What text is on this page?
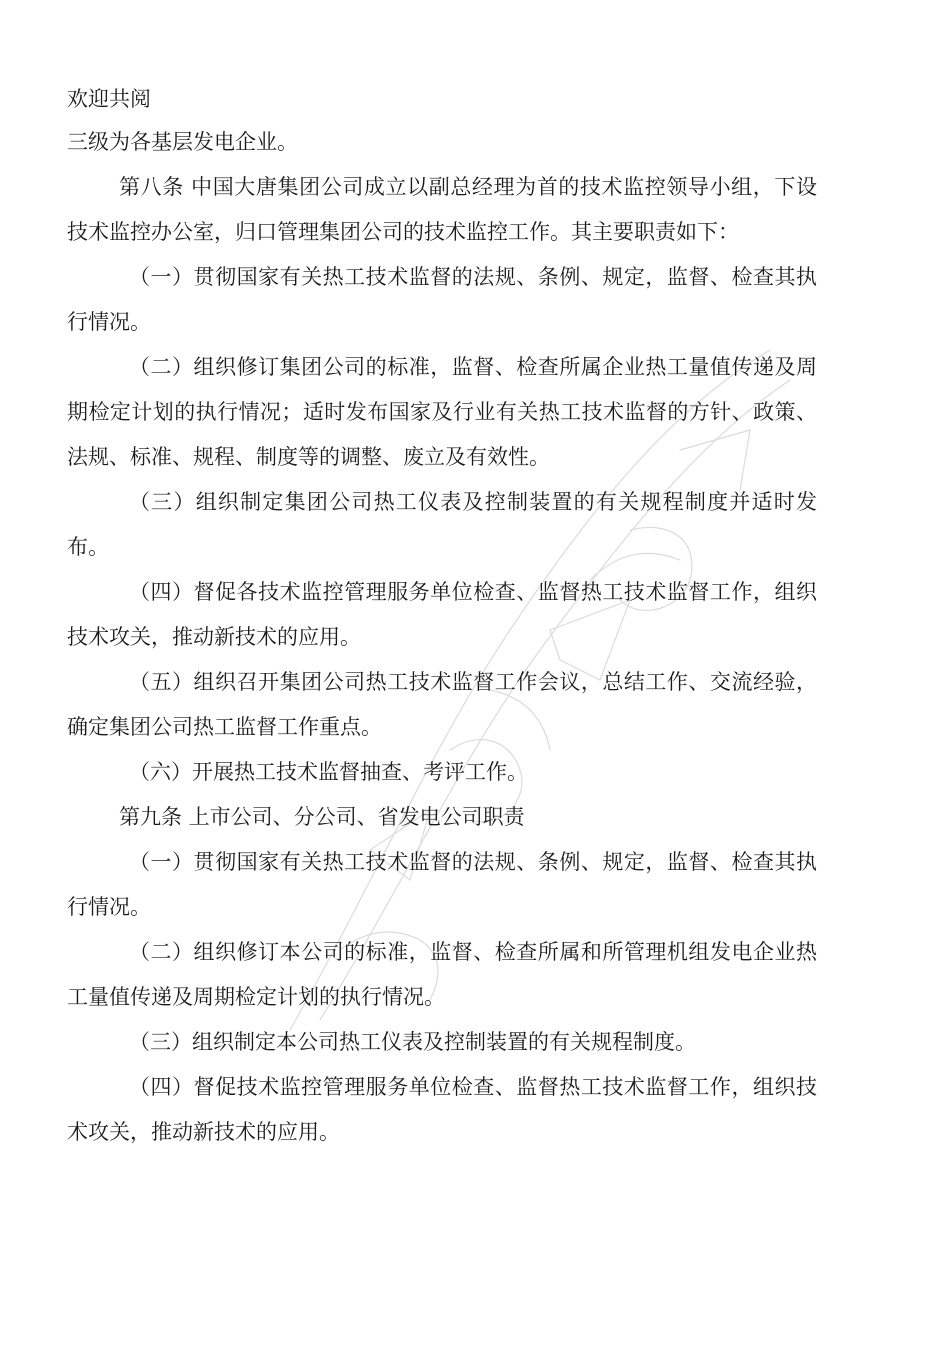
欢迎共阅

三级为各基层发电企业。

第八条 中国大唐集团公司成立以副总经理为首的技术监控领导小组，下设技术监控办公室，归口管理集团公司的技术监控工作。其主要职责如下：

（一）贯彻国家有关热工技术监督的法规、条例、规定，监督、检查其执行情况。

（二）组织修订集团公司的标准，监督、检查所属企业热工量值传递及周期检定计划的执行情况；适时发布国家及行业有关热工技术监督的方针、政策、法规、标准、规程、制度等的调整、废立及有效性。

（三）组织制定集团公司热工仪表及控制装置的有关规程制度并适时发布。

（四）督促各技术监控管理服务单位检查、监督热工技术监督工作，组织技术攻关，推动新技术的应用。

（五）组织召开集团公司热工技术监督工作会议，总结工作、交流经验，确定集团公司热工监督工作重点。

（六）开展热工技术监督抽查、考评工作。

第九条 上市公司、分公司、省发电公司职责

（一）贯彻国家有关热工技术监督的法规、条例、规定，监督、检查其执行情况。

（二）组织修订本公司的标准，监督、检查所属和所管理机组发电企业热工量值传递及周期检定计划的执行情况。

（三）组织制定本公司热工仪表及控制装置的有关规程制度。

（四）督促技术监控管理服务单位检查、监督热工技术监督工作，组织技术攻关，推动新技术的应用。
